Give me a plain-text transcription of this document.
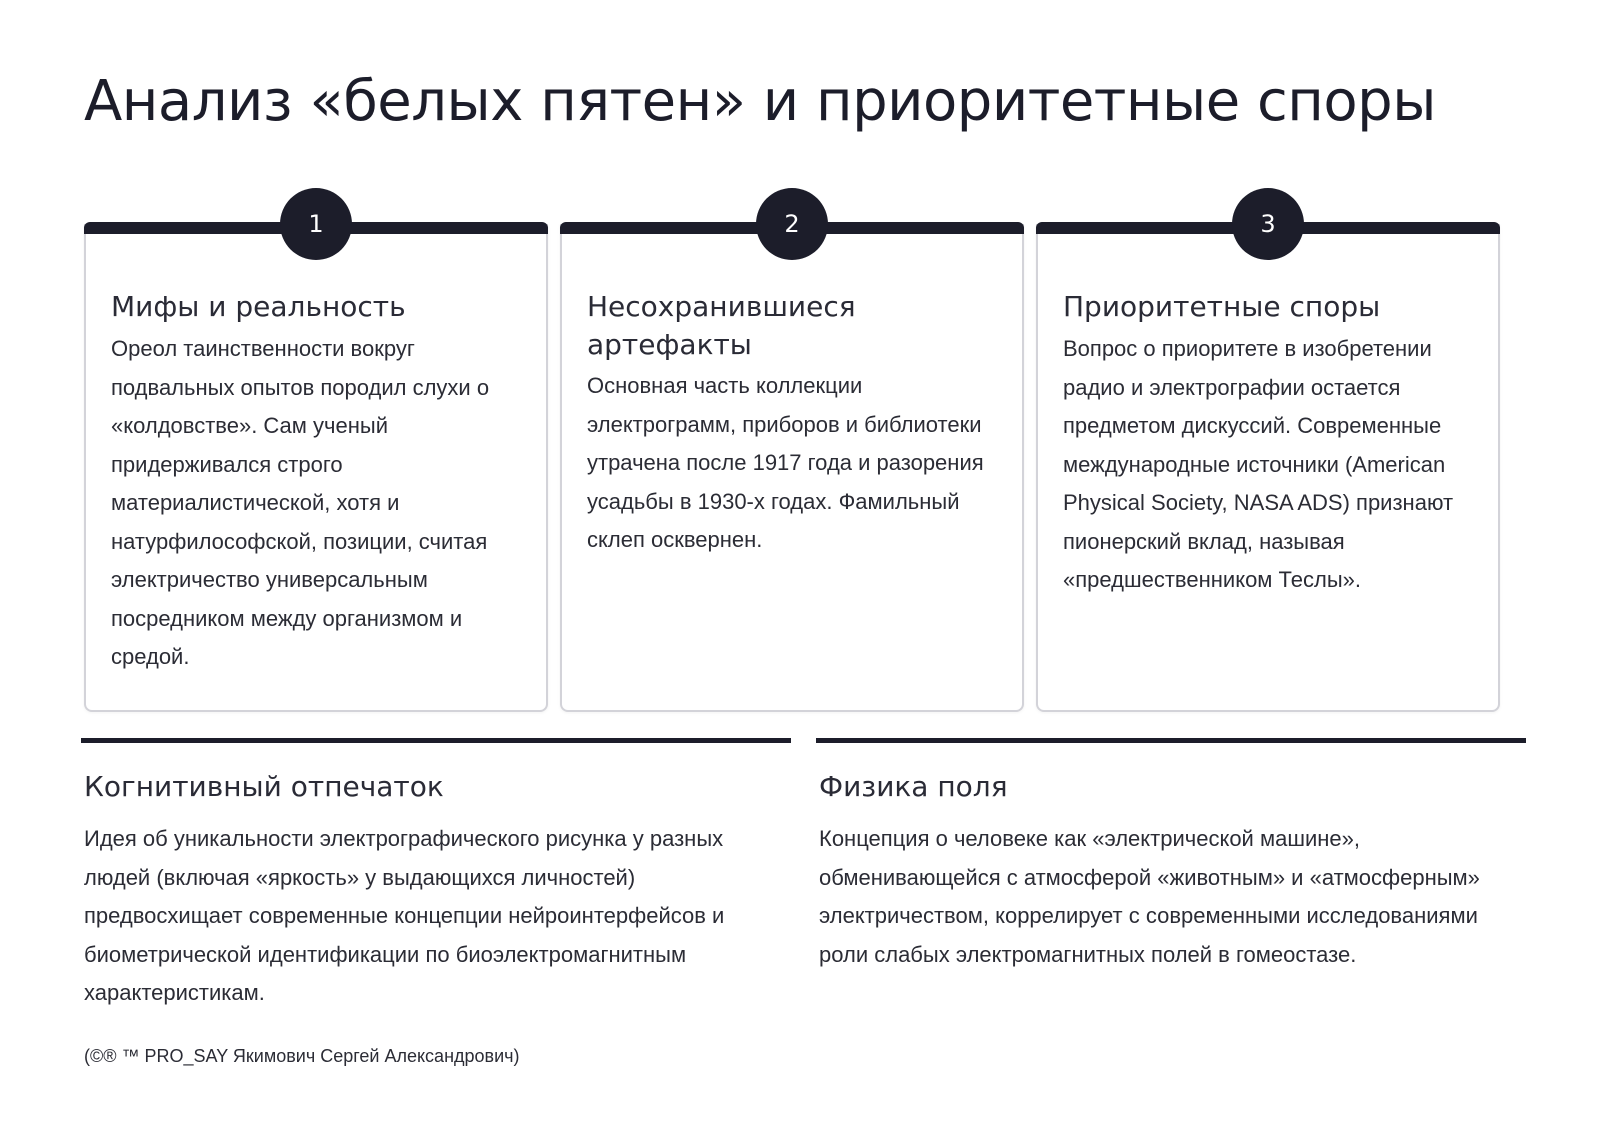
Анализ «белых пятен» и приоритетные споры
1
Мифы и реальность

Ореол таинственности вокруг подвальных опытов породил слухи о «колдовстве». Сам ученый придерживался строго материалистической, хотя и натурфилософской, позиции, считая электричество универсальным посредником между организмом и средой.

2
Несохранившиеся артефакты

Основная часть коллекции электрограмм, приборов и библиотеки утрачена после 1917 года и разорения усадьбы в 1930-х годах. Фамильный склеп осквернен.

3
Приоритетные споры

Вопрос о приоритете в изобретении радио и электрографии остается предметом дискуссий. Современные международные источники (American Physical Society, NASA ADS) признают пионерский вклад, называя «предшественником Теслы».

Когнитивный отпечаток

Идея об уникальности электрографического рисунка у разных людей (включая «яркость» у выдающихся личностей) предвосхищает современные концепции нейроинтерфейсов и биометрической идентификации по биоэлектромагнитным характеристикам.

Физика поля

Концепция о человеке как «электрической машине», обменивающейся с атмосферой «животным» и «атмосферным» электричеством, коррелирует с современными исследованиями роли слабых электромагнитных полей в гомеостазе.

(©® ™ PRO_SAY Якимович Сергей Александрович)
